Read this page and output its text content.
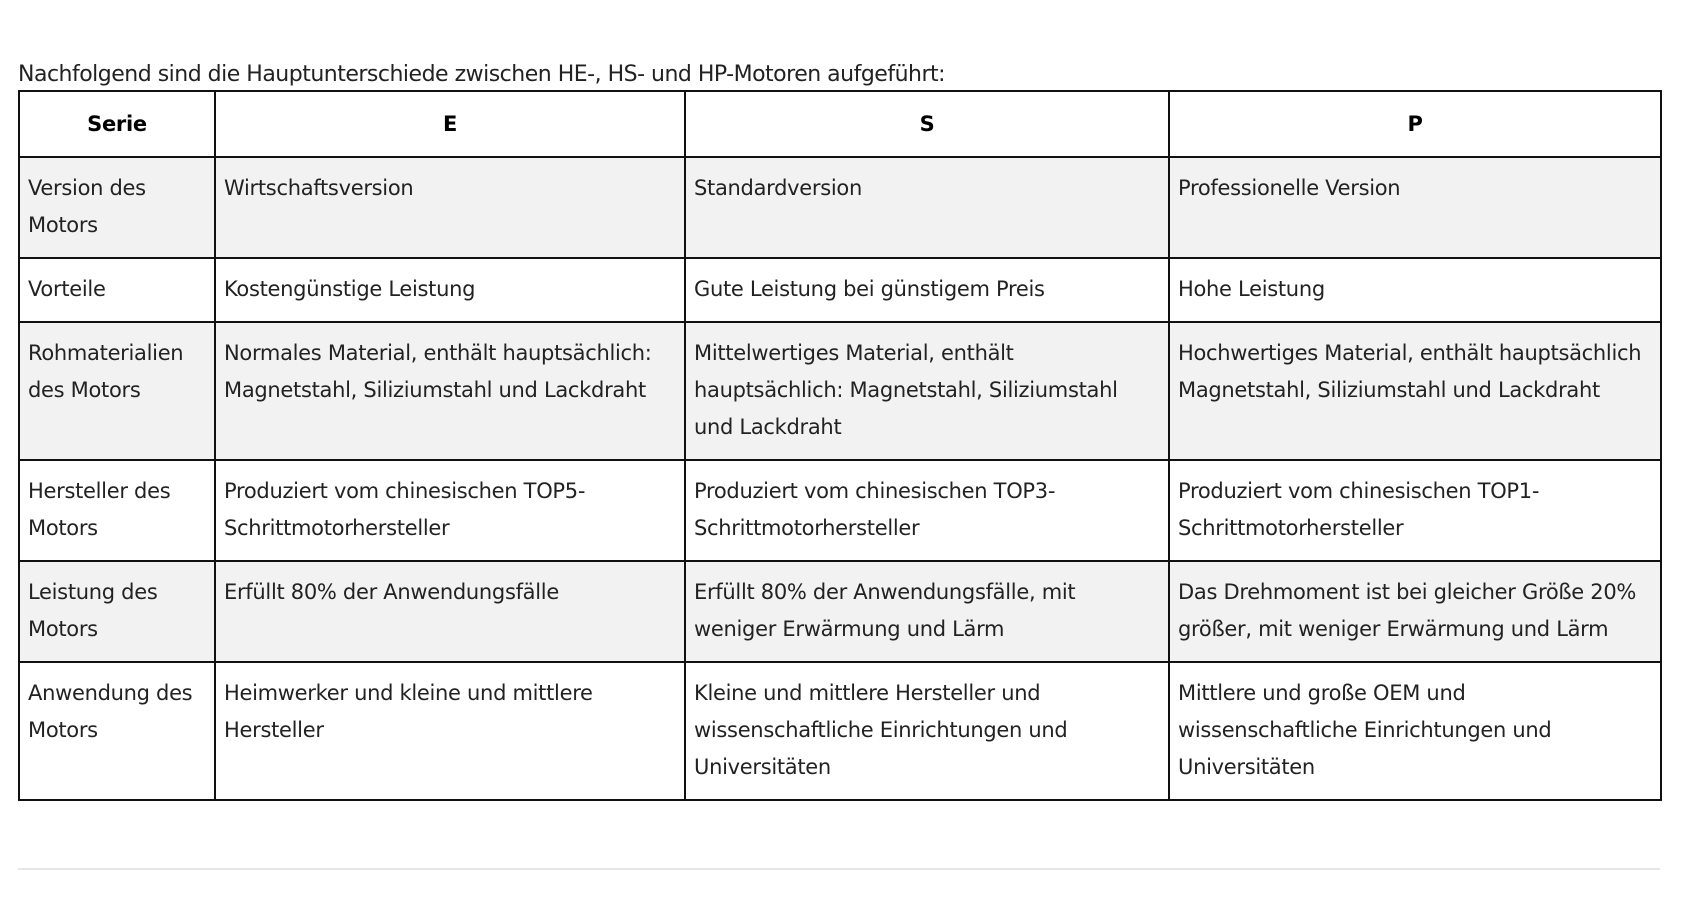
Nachfolgend sind die Hauptunterschiede zwischen HE-, HS- und HP-Motoren aufgeführt:

Serie	E	S	P
Version des Motors	Wirtschaftsversion	Standardversion	Professionelle Version
Vorteile	Kostengünstige Leistung	Gute Leistung bei günstigem Preis	Hohe Leistung
Rohmaterialien des Motors	Normales Material, enthält hauptsächlich: Magnetstahl, Siliziumstahl und Lackdraht	Mittelwertiges Material, enthält hauptsächlich: Magnetstahl, Siliziumstahl und Lackdraht	Hochwertiges Material, enthält hauptsächlich Magnetstahl, Siliziumstahl und Lackdraht
Hersteller des Motors	Produziert vom chinesischen TOP5-Schrittmotorhersteller	Produziert vom chinesischen TOP3-Schrittmotorhersteller	Produziert vom chinesischen TOP1-Schrittmotorhersteller
Leistung des Motors	Erfüllt 80% der Anwendungsfälle	Erfüllt 80% der Anwendungsfälle, mit weniger Erwärmung und Lärm	Das Drehmoment ist bei gleicher Größe 20% größer, mit weniger Erwärmung und Lärm
Anwendung des Motors	Heimwerker und kleine und mittlere Hersteller	Kleine und mittlere Hersteller und wissenschaftliche Einrichtungen und Universitäten	Mittlere und große OEM und wissenschaftliche Einrichtungen und Universitäten
